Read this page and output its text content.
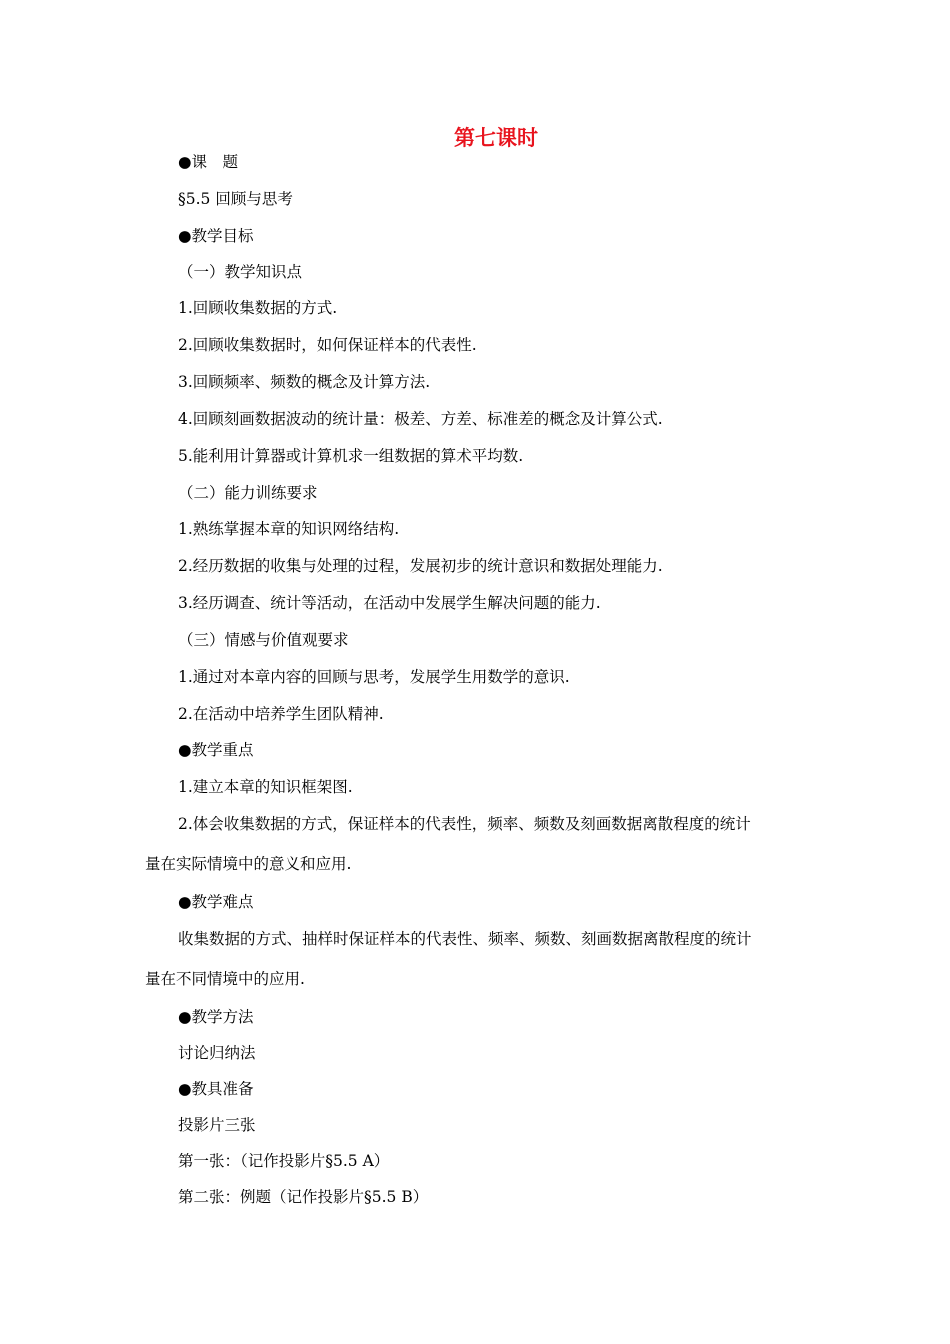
第七课时
●课　题
§5.5 回顾与思考
●教学目标
（一）教学知识点
1.回顾收集数据的方式.
2.回顾收集数据时，如何保证样本的代表性.
3.回顾频率、频数的概念及计算方法.
4.回顾刻画数据波动的统计量：极差、方差、标准差的概念及计算公式.
5.能利用计算器或计算机求一组数据的算术平均数.
（二）能力训练要求
1.熟练掌握本章的知识网络结构.
2.经历数据的收集与处理的过程，发展初步的统计意识和数据处理能力.
3.经历调查、统计等活动，在活动中发展学生解决问题的能力.
（三）情感与价值观要求
1.通过对本章内容的回顾与思考，发展学生用数学的意识.
2.在活动中培养学生团队精神.
●教学重点
1.建立本章的知识框架图.
2.体会收集数据的方式，保证样本的代表性，频率、频数及刻画数据离散程度的统计
量在实际情境中的意义和应用.
●教学难点
收集数据的方式、抽样时保证样本的代表性、频率、频数、刻画数据离散程度的统计
量在不同情境中的应用.
●教学方法
讨论归纳法
●教具准备
投影片三张
第一张：（记作投影片§5.5 A）
第二张：例题（记作投影片§5.5 B）
